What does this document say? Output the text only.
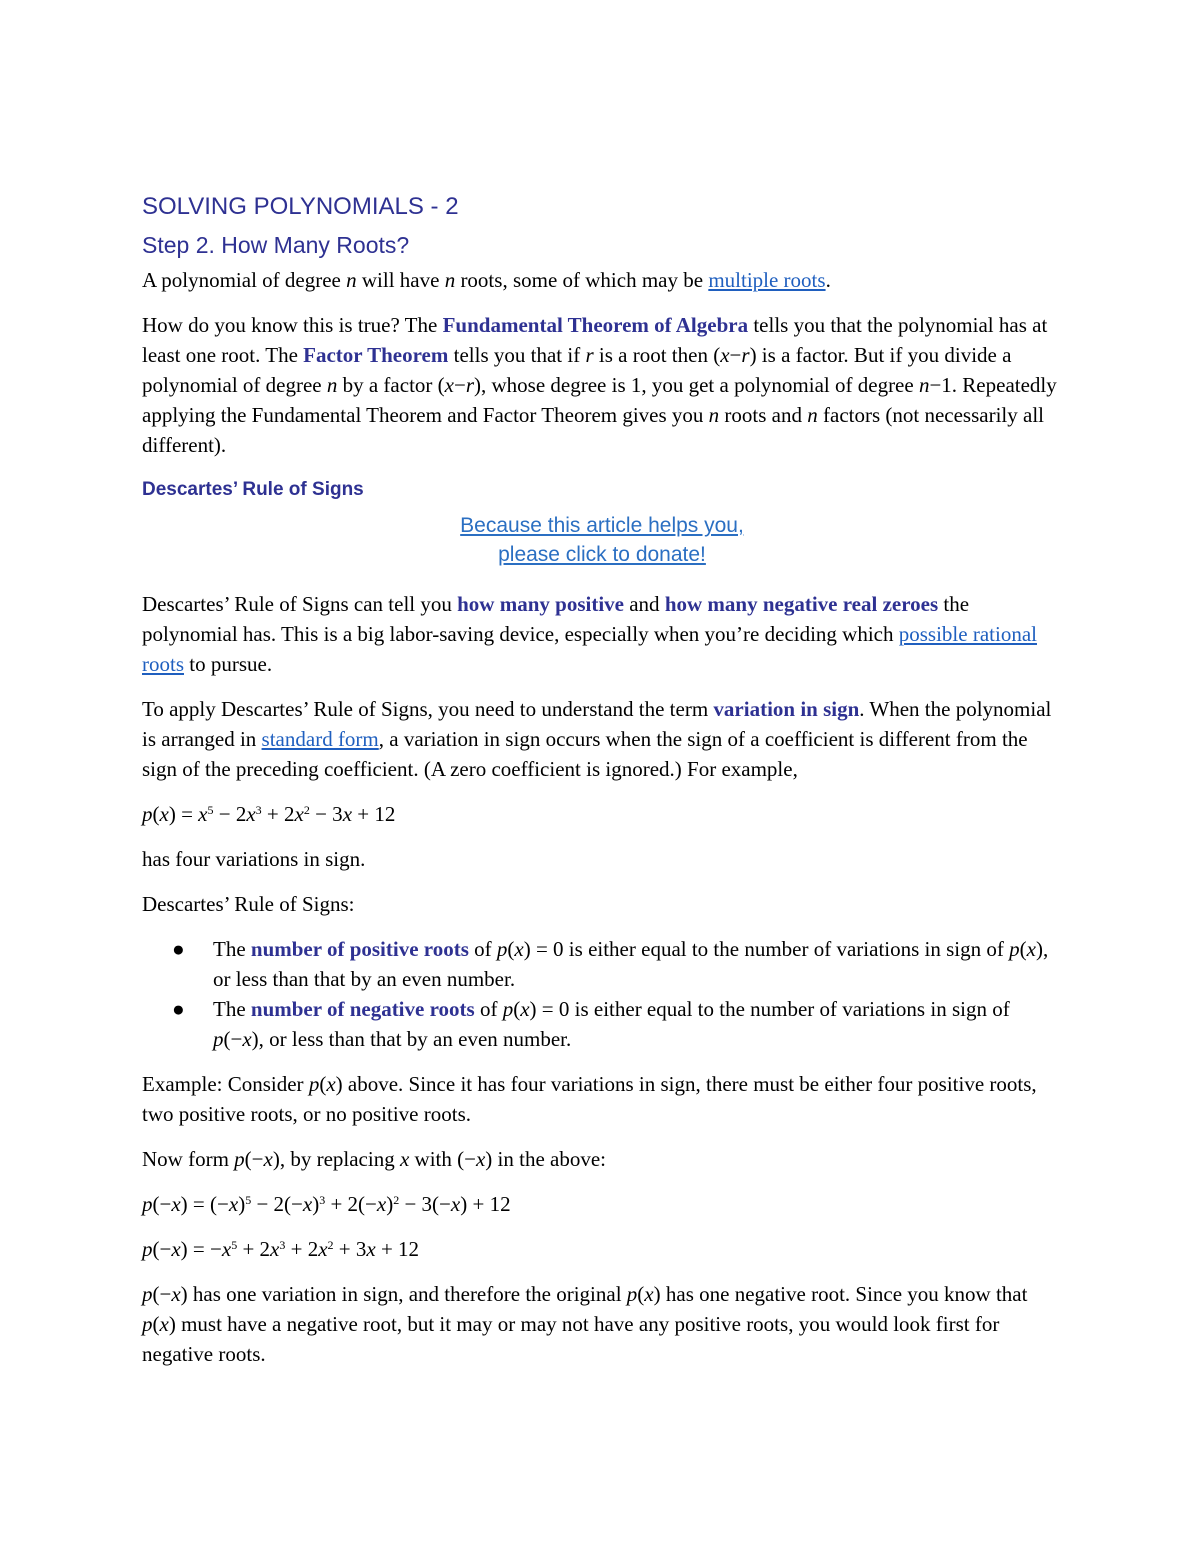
SOLVING POLYNOMIALS - 2
Step 2. How Many Roots?

A polynomial of degree n will have n roots, some of which may be multiple roots.

How do you know this is true? The Fundamental Theorem of Algebra tells you that the polynomial has at least one root. The Factor Theorem tells you that if r is a root then (x−r) is a factor. But if you divide a polynomial of degree n by a factor (x−r), whose degree is 1, you get a polynomial of degree n−1. Repeatedly applying the Fundamental Theorem and Factor Theorem gives you n roots and n factors (not necessarily all different).

Descartes’ Rule of Signs
Because this article helps you,
please click to donate!

Descartes’ Rule of Signs can tell you how many positive and how many negative real zeroes the polynomial has. This is a big labor-saving device, especially when you’re deciding which possible rational roots to pursue.

To apply Descartes’ Rule of Signs, you need to understand the term variation in sign. When the polynomial is arranged in standard form, a variation in sign occurs when the sign of a coefficient is different from the sign of the preceding coefficient. (A zero coefficient is ignored.) For example,

$p(x) = x^5 - 2x^3 + 2x^2 - 3x + 12$

has four variations in sign.

Descartes’ Rule of Signs:

● The number of positive roots of p(x) = 0 is either equal to the number of variations in sign of p(x), or less than that by an even number.
● The number of negative roots of p(x) = 0 is either equal to the number of variations in sign of p(−x), or less than that by an even number.

Example: Consider p(x) above. Since it has four variations in sign, there must be either four positive roots, two positive roots, or no positive roots.

Now form p(−x), by replacing x with (−x) in the above:

$p(-x) = (-x)^5 - 2(-x)^3 + 2(-x)^2 - 3(-x) + 12$
$p(-x) = -x^5 + 2x^3 + 2x^2 + 3x + 12$

p(−x) has one variation in sign, and therefore the original p(x) has one negative root. Since you know that p(x) must have a negative root, but it may or may not have any positive roots, you would look first for negative roots.
